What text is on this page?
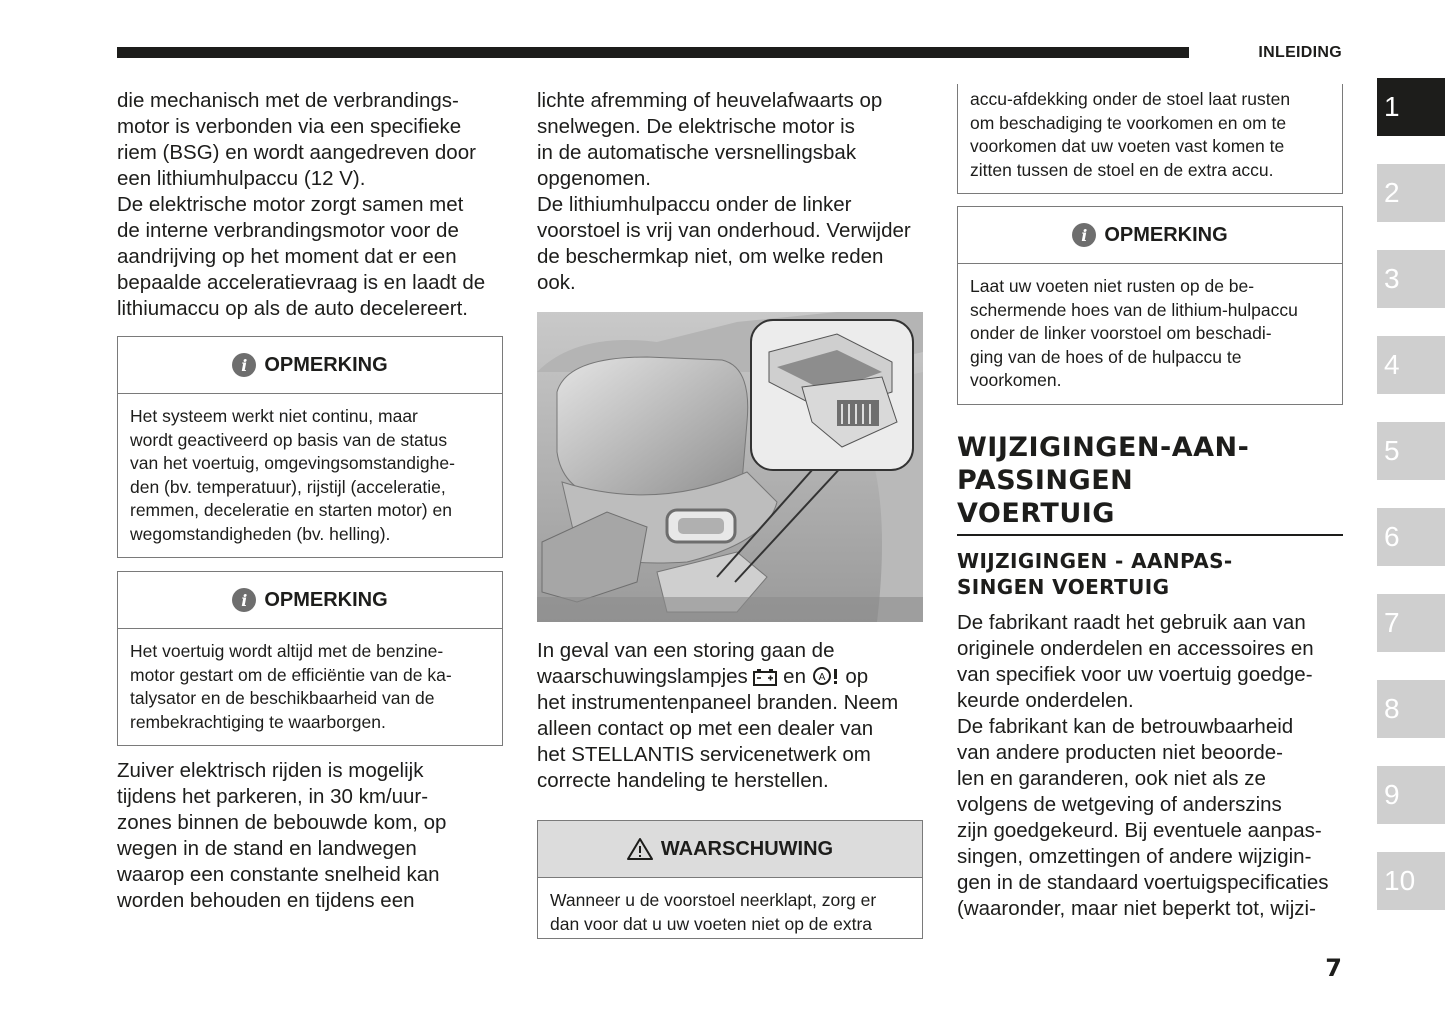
INLEIDING

die mechanisch met de verbrandings-
motor is verbonden via een specifieke
riem (BSG) en wordt aangedreven door
een lithiumhulpaccu (12 V).
De elektrische motor zorgt samen met
de interne verbrandingsmotor voor de
aandrijving op het moment dat er een
bepaalde acceleratievraag is en laadt de
lithiumaccu op als de auto decelereert.

i OPMERKING
Het systeem werkt niet continu, maar
wordt geactiveerd op basis van de status
van het voertuig, omgevingsomstandighe-
den (bv. temperatuur), rijstijl (acceleratie,
remmen, deceleratie en starten motor) en
wegomstandigheden (bv. helling).
i OPMERKING
Het voertuig wordt altijd met de benzine-
motor gestart om de efficiëntie van de ka-
talysator en de beschikbaarheid van de
rembekrachtiging te waarborgen.

Zuiver elektrisch rijden is mogelijk
tijdens het parkeren, in 30 km/uur-
zones binnen de bebouwde kom, op
wegen in de stand en landwegen
waarop een constante snelheid kan
worden behouden en tijdens een

lichte afremming of heuvelafwaarts op
snelwegen. De elektrische motor is
in de automatische versnellingsbak
opgenomen.
De lithiumhulpaccu onder de linker
voorstoel is vrij van onderhoud. Verwijder
de beschermkap niet, om welke reden
ook.

In geval van een storing gaan de
waarschuwingslampjes  en A op
het instrumentenpaneel branden. Neem
alleen contact op met een dealer van
het STELLANTIS servicenetwerk om
correcte handeling te herstellen.

WAARSCHUWING
Wanneer u de voorstoel neerklapt, zorg er
dan voor dat u uw voeten niet op de extra
accu-afdekking onder de stoel laat rusten
om beschadiging te voorkomen en om te
voorkomen dat uw voeten vast komen te
zitten tussen de stoel en de extra accu.
i OPMERKING
Laat uw voeten niet rusten op de be-
schermende hoes van de lithium-hulpaccu
onder de linker voorstoel om beschadi-
ging van de hoes of de hulpaccu te
voorkomen.
WIJZIGINGEN-AAN-
PASSINGEN
VOERTUIG
WIJZIGINGEN - AANPAS-
SINGEN VOERTUIG

De fabrikant raadt het gebruik aan van
originele onderdelen en accessoires en
van specifiek voor uw voertuig goedge-
keurde onderdelen.
De fabrikant kan de betrouwbaarheid
van andere producten niet beoorde-
len en garanderen, ook niet als ze
volgens de wetgeving of anderszins
zijn goedgekeurd. Bij eventuele aanpas-
singen, omzettingen of andere wijzigin-
gen in de standaard voertuigspecificaties
(waaronder, maar niet beperkt tot, wijzi-

1
2
3
4
5
6
7
8
9
10
7
